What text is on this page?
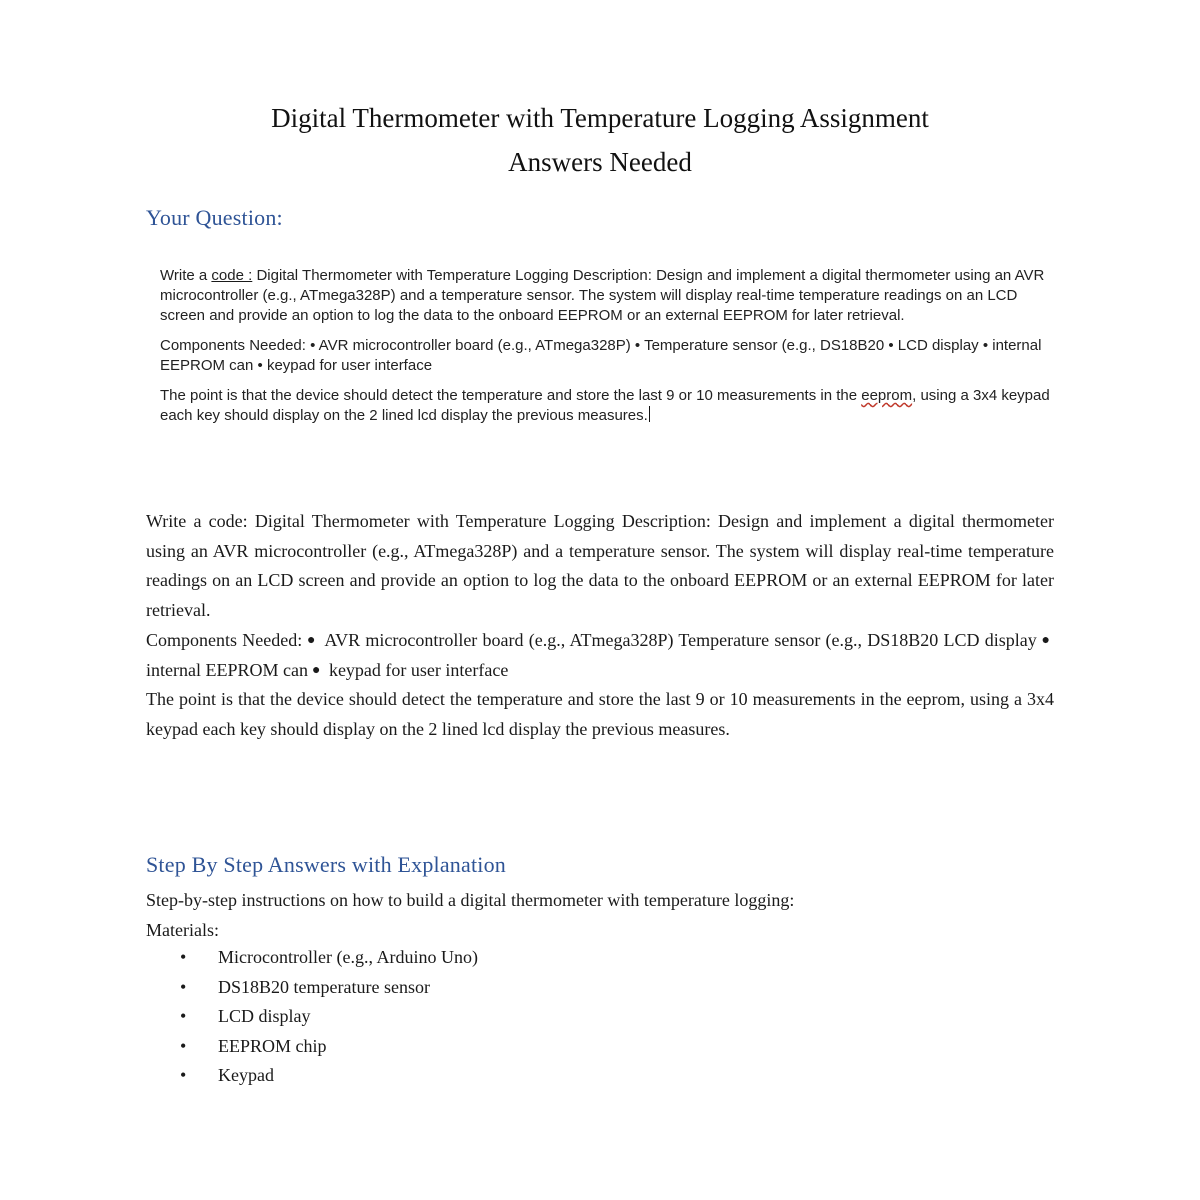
Digital Thermometer with Temperature Logging Assignment
Answers Needed
Your Question:

Write a code : Digital Thermometer with Temperature Logging Description: Design and implement a digital thermometer using an AVR microcontroller (e.g., ATmega328P) and a temperature sensor. The system will display real-time temperature readings on an LCD screen and provide an option to log the data to the onboard EEPROM or an external EEPROM for later retrieval.

Components Needed: • AVR microcontroller board (e.g., ATmega328P) • Temperature sensor (e.g., DS18B20 • LCD display • internal EEPROM can • keypad for user interface

The point is that the device should detect the temperature and store the last 9 or 10 measurements in the eeprom, using a 3x4 keypad each key should display on the 2 lined lcd display the previous measures.

Write a code: Digital Thermometer with Temperature Logging Description: Design and implement a digital thermometer using an AVR microcontroller (e.g., ATmega328P) and a temperature sensor. The system will display real-time temperature readings on an LCD screen and provide an option to log the data to the onboard EEPROM or an external EEPROM for later retrieval.

Components Needed: ● AVR microcontroller board (e.g., ATmega328P) Temperature sensor (e.g., DS18B20 LCD display ● internal EEPROM can ● keypad for user interface

The point is that the device should detect the temperature and store the last 9 or 10 measurements in the eeprom, using a 3x4 keypad each key should display on the 2 lined lcd display the previous measures.

Step By Step Answers with Explanation

Step-by-step instructions on how to build a digital thermometer with temperature logging:

Materials:

• Microcontroller (e.g., Arduino Uno)
• DS18B20 temperature sensor
• LCD display
• EEPROM chip
• Keypad
